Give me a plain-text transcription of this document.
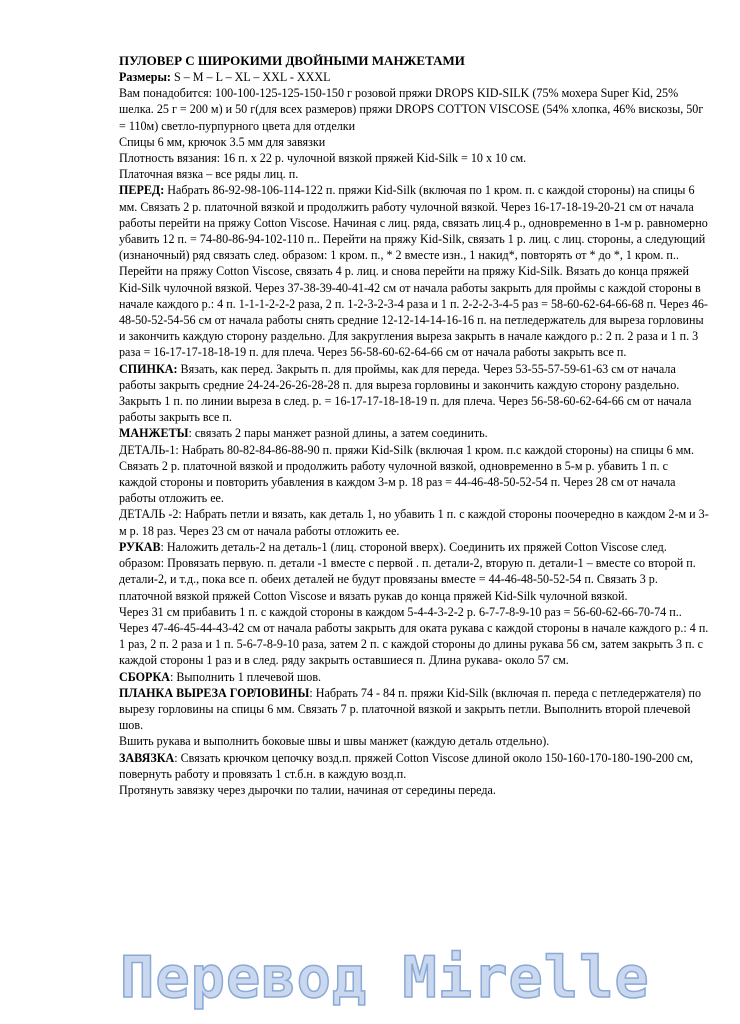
ПУЛОВЕР С ШИРОКИМИ ДВОЙНЫМИ МАНЖЕТАМИ

Размеры: S – M – L – XL – XXL - XXXL

Вам понадобится: 100-100-125-125-150-150 г розовой пряжи DROPS KID-SILK (75% мохера Super Kid, 25% шелка. 25 г = 200 м) и 50 г(для всех размеров) пряжи DROPS COTTON VISCOSE (54% хлопка, 46% вискозы, 50г = 110м) светло-пурпурного цвета для отделки

Спицы 6 мм, крючок 3.5 мм для завязки

Плотность вязания: 16 п. х 22 р. чулочной вязкой пряжей Kid-Silk = 10 х 10 см.

Платочная вязка – все ряды лиц. п.

ПЕРЕД: Набрать 86-92-98-106-114-122 п. пряжи Kid-Silk (включая по 1 кром. п. с каждой стороны) на спицы 6 мм. Связать 2 р. платочной вязкой и продолжить работу чулочной вязкой. Через 16-17-18-19-20-21 см от начала работы перейти на пряжу Cotton Viscose. Начиная с лиц. ряда, связать лиц.4 р., одновременно в 1-м р. равномерно убавить 12 п. = 74-80-86-94-102-110 п.. Перейти на пряжу Kid-Silk, связать 1 р. лиц. с лиц. стороны, а следующий (изнаночный) ряд связать след. образом: 1 кром. п., * 2 вместе изн., 1 накид*, повторять от * до *, 1 кром. п.. Перейти на пряжу Cotton Viscose, связать 4 р. лиц. и снова перейти на пряжу Kid-Silk. Вязать до конца пряжей Kid-Silk чулочной вязкой. Через 37-38-39-40-41-42 см от начала работы закрыть для проймы с каждой стороны в начале каждого р.: 4 п. 1-1-1-2-2-2 раза, 2 п. 1-2-3-2-3-4 раза и 1 п. 2-2-2-3-4-5 раз = 58-60-62-64-66-68 п. Через 46-48-50-52-54-56 см от начала работы снять средние 12-12-14-14-16-16 п. на петледержатель для выреза горловины и закончить каждую сторону раздельно. Для закругления выреза закрыть в начале каждого р.: 2 п. 2 раза и 1 п. 3 раза = 16-17-17-18-18-19 п. для плеча. Через 56-58-60-62-64-66 см от начала работы закрыть все п.

СПИНКА: Вязать, как перед. Закрыть п. для проймы, как для переда. Через 53-55-57-59-61-63 см от начала работы закрыть средние 24-24-26-26-28-28 п. для выреза горловины и закончить каждую сторону раздельно. Закрыть 1 п. по линии выреза в след. р. = 16-17-17-18-18-19 п. для плеча. Через 56-58-60-62-64-66 см от начала работы закрыть все п.

МАНЖЕТЫ: связать 2 пары манжет разной длины, а затем соединить.

ДЕТАЛЬ-1: Набрать 80-82-84-86-88-90 п. пряжи Kid-Silk (включая 1 кром. п.с каждой стороны) на спицы 6 мм. Связать 2 р. платочной вязкой и продолжить работу чулочной вязкой, одновременно в 5-м р. убавить 1 п. с каждой стороны и повторить убавления в каждом 3-м р. 18 раз = 44-46-48-50-52-54 п. Через 28 см от начала работы отложить ее.

ДЕТАЛЬ -2: Набрать петли и вязать, как деталь 1, но убавить 1 п. с каждой стороны поочередно в каждом 2-м и 3-м р. 18 раз. Через 23 см от начала работы отложить ее.

РУКАВ: Наложить деталь-2 на деталь-1 (лиц. стороной вверх). Соединить их пряжей Cotton Viscose след. образом: Провязать первую. п. детали -1 вместе с первой . п. детали-2, вторую п. детали-1 – вместе со второй п. детали-2, и т.д., пока все п. обеих деталей не будут провязаны вместе = 44-46-48-50-52-54 п. Связать 3 р. платочной вязкой пряжей Cotton Viscose и вязать рукав до конца пряжей Kid-Silk чулочной вязкой.

Через 31 см прибавить 1 п. с каждой стороны в каждом 5-4-4-3-2-2 р. 6-7-7-8-9-10 раз = 56-60-62-66-70-74 п.. Через 47-46-45-44-43-42 см от начала работы закрыть для оката рукава с каждой стороны в начале каждого р.: 4 п. 1 раз, 2 п. 2 раза и 1 п. 5-6-7-8-9-10 раза, затем 2 п. с каждой стороны до длины рукава 56 см, затем закрыть 3 п. с каждой стороны 1 раз и в след. ряду закрыть оставшиеся п. Длина рукава- около 57 см.

СБОРКА: Выполнить 1 плечевой шов.

ПЛАНКА ВЫРЕЗА ГОРЛОВИНЫ: Набрать 74 - 84 п. пряжи Kid-Silk (включая п. переда с петледержателя) по вырезу горловины на спицы 6 мм. Связать 7 р. платочной вязкой и закрыть петли. Выполнить второй плечевой шов.

Вшить рукава и выполнить боковые швы и швы манжет (каждую деталь отдельно).

ЗАВЯЗКА: Связать крючком цепочку возд.п. пряжей Cotton Viscose длиной около 150-160-170-180-190-200 см, повернуть работу и провязать 1 ст.б.н. в каждую возд.п.

Протянуть завязку через дырочки по талии, начиная от середины переда.

Перевод Mirelle
